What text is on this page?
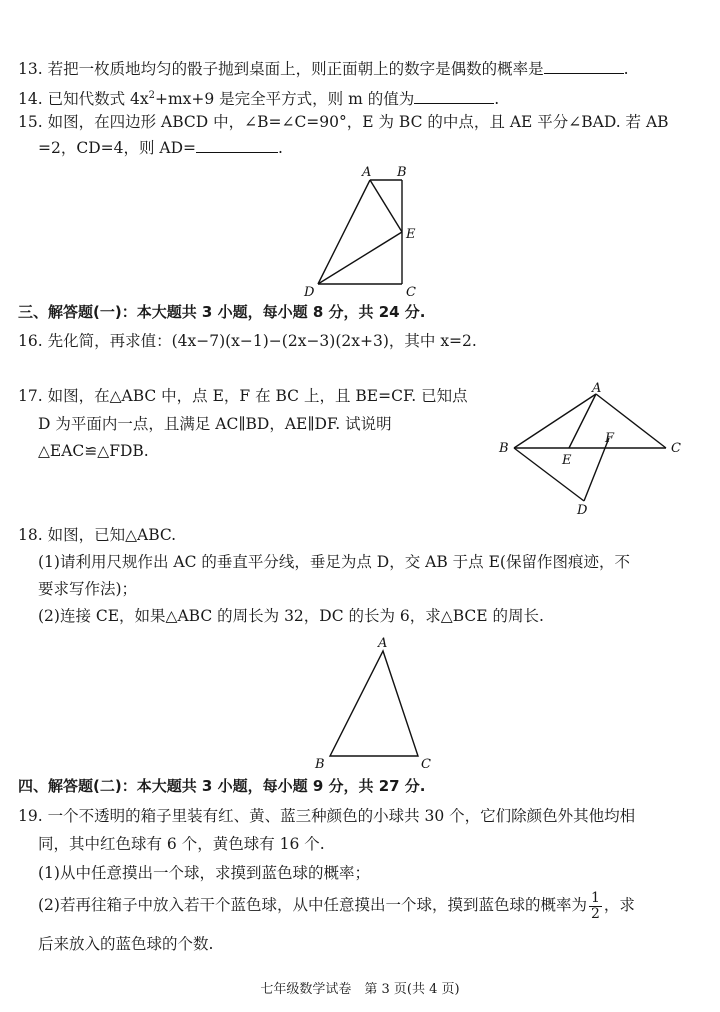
13. 若把一枚质地均匀的骰子抛到桌面上，则正面朝上的数字是偶数的概率是	.
14. 已知代数式 $4x^2+mx+9$ 是完全平方式，则 m 的值为	.
15. 如图，在四边形 ABCD 中，∠B=∠C=90°，E 为 BC 的中点，且 AE 平分∠BAD. 若 AB
=2，CD=4，则 AD=	.
A B
E
C
D
三、解答题(一)：本大题共 3 小题，每小题 8 分，共 24 分.
16. 先化简，再求值：(4x−7)(x−1)−(2x−3)(2x+3)，其中 x=2.
17. 如图，在△ABC 中，点 E，F 在 BC 上，且 BE=CF. 已知点
D 为平面内一点，且满足 AC∥BD，AE∥DF. 试说明
△EAC≌△FDB.
A
B	C
E
F
D
18. 如图，已知△ABC.
(1)请利用尺规作出 AC 的垂直平分线，垂足为点 D，交 AB 于点 E(保留作图痕迹，不
要求写作法)；
(2)连接 CE，如果△ABC 的周长为 32，DC 的长为 6，求△BCE 的周长.
A
B	C
四、解答题(二)：本大题共 3 小题，每小题 9 分，共 27 分.
19. 一个不透明的箱子里装有红、黄、蓝三种颜色的小球共 30 个，它们除颜色外其他均相
同，其中红色球有 6 个，黄色球有 16 个.
(1)从中任意摸出一个球，求摸到蓝色球的概率；
(2)若再往箱子中放入若干个蓝色球，从中任意摸出一个球，摸到蓝色球的概率为 $\frac{1}{2}$ ，求
后来放入的蓝色球的个数.
七年级数学试卷　第 3 页(共 4 页)
